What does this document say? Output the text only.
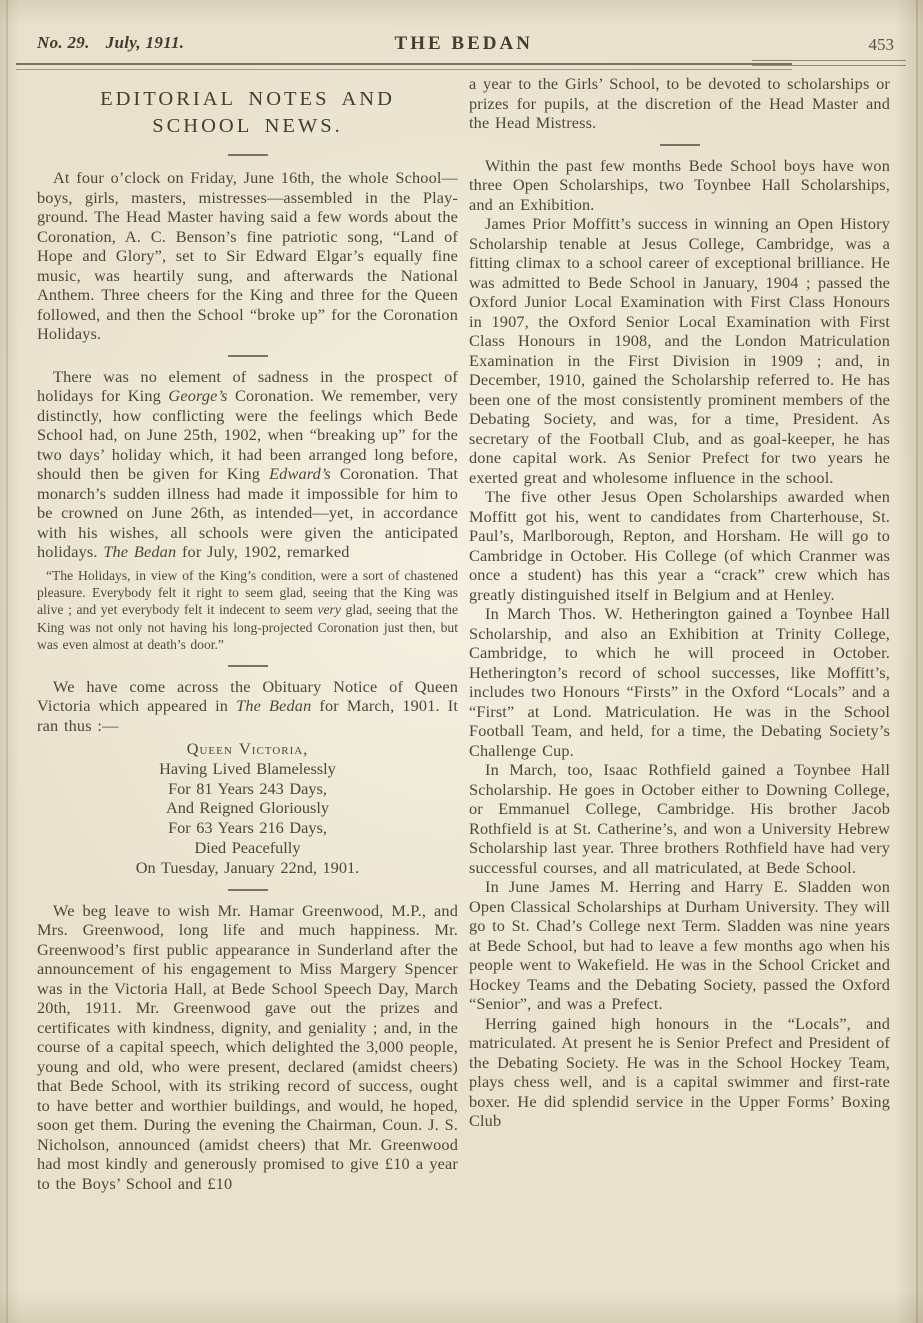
No. 29. July, 1911.	THE BEDAN	453
EDITORIAL NOTES AND
SCHOOL NEWS.

At four o’clock on Friday, June 16th, the whole School—boys, girls, masters, mistresses—assembled in the Play-ground. The Head Master having said a few words about the Coronation, A. C. Benson’s fine patriotic song, “Land of Hope and Glory”, set to Sir Edward Elgar’s equally fine music, was heartily sung, and afterwards the National Anthem. Three cheers for the King and three for the Queen followed, and then the School “broke up” for the Coronation Holidays.

There was no element of sadness in the prospect of holidays for King George’s Coronation. We remember, very distinctly, how conflicting were the feelings which Bede School had, on June 25th, 1902, when “breaking up” for the two days’ holiday which, it had been arranged long before, should then be given for King Edward’s Coronation. That monarch’s sudden illness had made it impossible for him to be crowned on June 26th, as intended—yet, in accordance with his wishes, all schools were given the anticipated holidays. The Bedan for July, 1902, remarked

“The Holidays, in view of the King’s condition, were a sort of chastened pleasure. Everybody felt it right to seem glad, seeing that the King was alive ; and yet everybody felt it indecent to seem very glad, seeing that the King was not only not having his long-projected Coronation just then, but was even almost at death’s door.”

We have come across the Obituary Notice of Queen Victoria which appeared in The Bedan for March, 1901. It ran thus :—

Queen Victoria,
Having Lived Blamelessly
For 81 Years 243 Days,
And Reigned Gloriously
For 63 Years 216 Days,
Died Peacefully
On Tuesday, January 22nd, 1901.

We beg leave to wish Mr. Hamar Greenwood, M.P., and Mrs. Greenwood, long life and much happiness. Mr. Greenwood’s first public appearance in Sunderland after the announcement of his engagement to Miss Margery Spencer was in the Victoria Hall, at Bede School Speech Day, March 20th, 1911. Mr. Greenwood gave out the prizes and certificates with kindness, dignity, and geniality ; and, in the course of a capital speech, which delighted the 3,000 people, young and old, who were present, declared (amidst cheers) that Bede School, with its striking record of success, ought to have better and worthier buildings, and would, he hoped, soon get them. During the evening the Chairman, Coun. J. S. Nicholson, announced (amidst cheers) that Mr. Greenwood had most kindly and generously promised to give £10 a year to the Boys’ School and £10

a year to the Girls’ School, to be devoted to scholarships or prizes for pupils, at the discretion of the Head Master and the Head Mistress.

Within the past few months Bede School boys have won three Open Scholarships, two Toynbee Hall Scholarships, and an Exhibition.

James Prior Moffitt’s success in winning an Open History Scholarship tenable at Jesus College, Cambridge, was a fitting climax to a school career of exceptional brilliance. He was admitted to Bede School in January, 1904 ; passed the Oxford Junior Local Examination with First Class Honours in 1907, the Oxford Senior Local Examination with First Class Honours in 1908, and the London Matriculation Examination in the First Division in 1909 ; and, in December, 1910, gained the Scholarship referred to. He has been one of the most consistently prominent members of the Debating Society, and was, for a time, President. As secretary of the Football Club, and as goal-keeper, he has done capital work. As Senior Prefect for two years he exerted great and wholesome influence in the school.

The five other Jesus Open Scholarships awarded when Moffitt got his, went to candidates from Charterhouse, St. Paul’s, Marlborough, Repton, and Horsham. He will go to Cambridge in October. His College (of which Cranmer was once a student) has this year a “crack” crew which has greatly distinguished itself in Belgium and at Henley.

In March Thos. W. Hetherington gained a Toynbee Hall Scholarship, and also an Exhibition at Trinity College, Cambridge, to which he will proceed in October. Hetherington’s record of school successes, like Moffitt’s, includes two Honours “Firsts” in the Oxford “Locals” and a “First” at Lond. Matriculation. He was in the School Football Team, and held, for a time, the Debating Society’s Challenge Cup.

In March, too, Isaac Rothfield gained a Toynbee Hall Scholarship. He goes in October either to Downing College, or Emmanuel College, Cambridge. His brother Jacob Rothfield is at St. Catherine’s, and won a University Hebrew Scholarship last year. Three brothers Rothfield have had very successful courses, and all matriculated, at Bede School.

In June James M. Herring and Harry E. Sladden won Open Classical Scholarships at Durham University. They will go to St. Chad’s College next Term. Sladden was nine years at Bede School, but had to leave a few months ago when his people went to Wakefield. He was in the School Cricket and Hockey Teams and the Debating Society, passed the Oxford “Senior”, and was a Prefect.

Herring gained high honours in the “Locals”, and matriculated. At present he is Senior Prefect and President of the Debating Society. He was in the School Hockey Team, plays chess well, and is a capital swimmer and first-rate boxer. He did splendid service in the Upper Forms’ Boxing Club
